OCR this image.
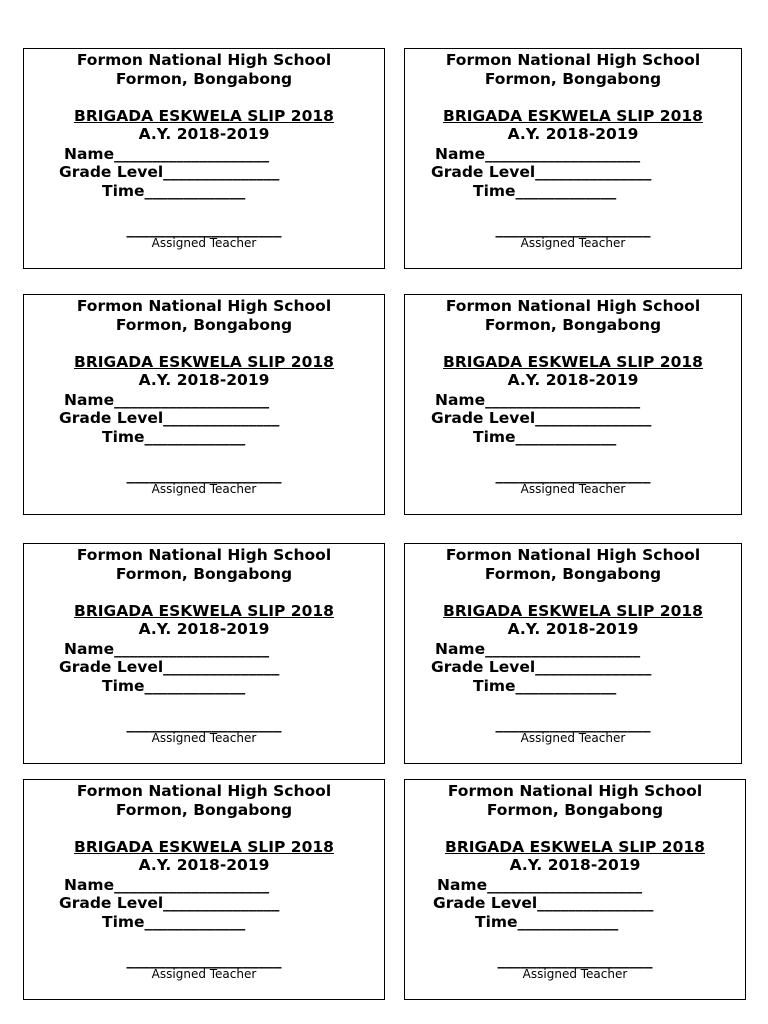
Formon National High School
Formon, Bongabong
BRIGADA ESKWELA SLIP 2018
A.Y. 2018-2019
Name____________________
Grade Level_______________
Time_____________
____________________
Assigned Teacher
Formon National High School
Formon, Bongabong
BRIGADA ESKWELA SLIP 2018
A.Y. 2018-2019
Name____________________
Grade Level_______________
Time_____________
____________________
Assigned Teacher
Formon National High School
Formon, Bongabong
BRIGADA ESKWELA SLIP 2018
A.Y. 2018-2019
Name____________________
Grade Level_______________
Time_____________
____________________
Assigned Teacher
Formon National High School
Formon, Bongabong
BRIGADA ESKWELA SLIP 2018
A.Y. 2018-2019
Name____________________
Grade Level_______________
Time_____________
____________________
Assigned Teacher
Formon National High School
Formon, Bongabong
BRIGADA ESKWELA SLIP 2018
A.Y. 2018-2019
Name____________________
Grade Level_______________
Time_____________
____________________
Assigned Teacher
Formon National High School
Formon, Bongabong
BRIGADA ESKWELA SLIP 2018
A.Y. 2018-2019
Name____________________
Grade Level_______________
Time_____________
____________________
Assigned Teacher
Formon National High School
Formon, Bongabong
BRIGADA ESKWELA SLIP 2018
A.Y. 2018-2019
Name____________________
Grade Level_______________
Time_____________
____________________
Assigned Teacher
Formon National High School
Formon, Bongabong
BRIGADA ESKWELA SLIP 2018
A.Y. 2018-2019
Name____________________
Grade Level_______________
Time_____________
____________________
Assigned Teacher
